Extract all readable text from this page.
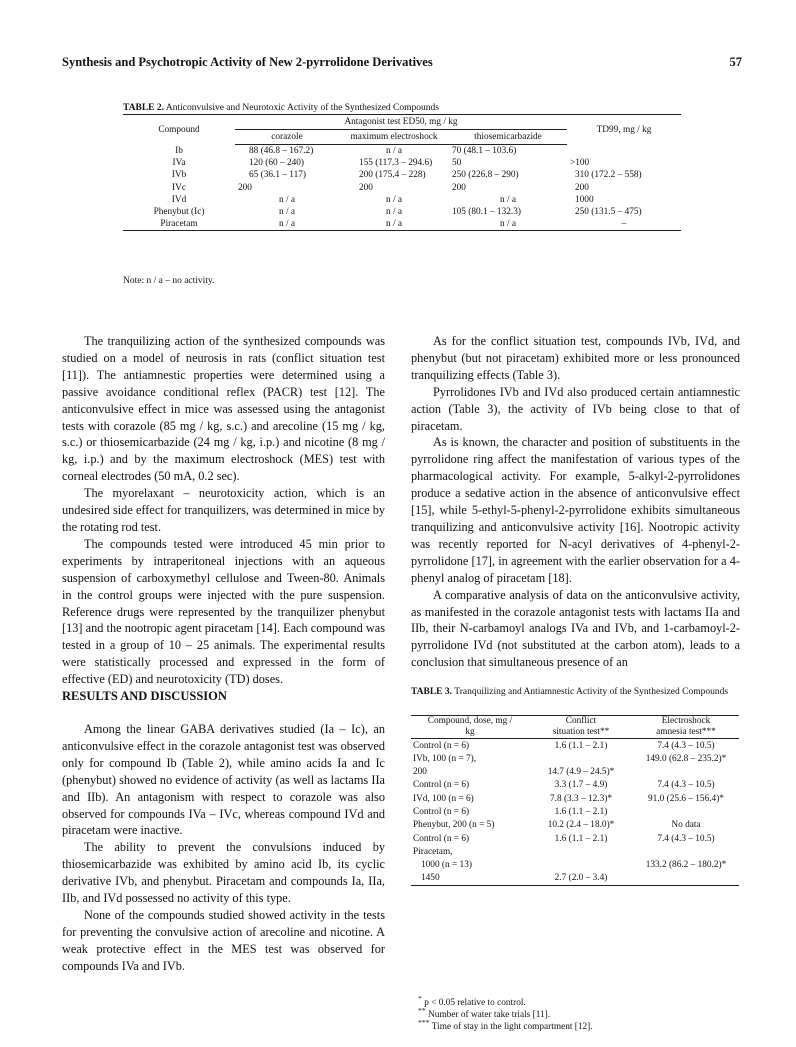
Synthesis and Psychotropic Activity of New 2-pyrrolidone Derivatives	57
TABLE 2. Anticonvulsive and Neurotoxic Activity of the Synthesized Compounds
Compound	Antagonist test ED50, mg / kg			TD99, mg / kg
	corazole	maximum electroshock	thiosemicarbazide	
Ib	88 (46.8 – 167.2)	n / a	70 (48.1 – 103.6)	
IVa	120 (60 – 240)	155 (117.3 – 294.6)	50	>100
IVb	65 (36.1 – 117)	200 (175.4 – 228)	250 (226.8 – 290)	310 (172.2 – 558)
IVc	200	200	200	200
IVd	n / a	n / a	n / a	1000
Phenybut (Ic)	n / a	n / a	105 (80.1 – 132.3)	250 (131.5 – 475)
Piracetam	n / a	n / a	n / a	–
Note: n / a – no activity.

The tranquilizing action of the synthesized compounds was studied on a model of neurosis in rats (conflict situation test [11]). The antiamnestic properties were determined using a passive avoidance conditional reflex (PACR) test [12]. The anticonvulsive effect in mice was assessed using the antagonist tests with corazole (85 mg / kg, s.c.) and arecoline (15 mg / kg, s.c.) or thiosemicarbazide (24 mg / kg, i.p.) and nicotine (8 mg / kg, i.p.) and by the maximum electroshock (MES) test with corneal electrodes (50 mA, 0.2 sec).

The myorelaxant – neurotoxicity action, which is an undesired side effect for tranquilizers, was determined in mice by the rotating rod test.

The compounds tested were introduced 45 min prior to experiments by intraperitoneal injections with an aqueous suspension of carboxymethyl cellulose and Tween-80. Animals in the control groups were injected with the pure suspension. Reference drugs were represented by the tranquilizer phenybut [13] and the nootropic agent piracetam [14]. Each compound was tested in a group of 10 – 25 animals. The experimental results were statistically processed and expressed in the form of effective (ED) and neurotoxicity (TD) doses.

RESULTS AND DISCUSSION

Among the linear GABA derivatives studied (Ia – Ic), an anticonvulsive effect in the corazole antagonist test was observed only for compound Ib (Table 2), while amino acids Ia and Ic (phenybut) showed no evidence of activity (as well as lactams IIa and IIb). An antagonism with respect to corazole was also observed for compounds IVa – IVc, whereas compound IVd and piracetam were inactive.

The ability to prevent the convulsions induced by thiosemicarbazide was exhibited by amino acid Ib, its cyclic derivative IVb, and phenybut. Piracetam and compounds Ia, IIa, IIb, and IVd possessed no activity of this type.

None of the compounds studied showed activity in the tests for preventing the convulsive action of arecoline and nicotine. A weak protective effect in the MES test was observed for compounds IVa and IVb.

As for the conflict situation test, compounds IVb, IVd, and phenybut (but not piracetam) exhibited more or less pronounced tranquilizing effects (Table 3).

Pyrrolidones IVb and IVd also produced certain antiamnestic action (Table 3), the activity of IVb being close to that of piracetam.

As is known, the character and position of substituents in the pyrrolidone ring affect the manifestation of various types of the pharmacological activity. For example, 5-alkyl-2-pyrrolidones produce a sedative action in the absence of anticonvulsive effect [15], while 5-ethyl-5-phenyl-2-pyrrolidone exhibits simultaneous tranquilizing and anticonvulsive activity [16]. Nootropic activity was recently reported for N-acyl derivatives of 4-phenyl-2-pyrrolidone [17], in agreement with the earlier observation for a 4-phenyl analog of piracetam [18].

A comparative analysis of data on the anticonvulsive activity, as manifested in the corazole antagonist tests with lactams IIa and IIb, their N-carbamoyl analogs IVa and IVb, and 1-carbamoyl-2-pyrrolidone IVd (not substituted at the carbon atom), leads to a conclusion that simultaneous presence of an

TABLE 3. Tranquilizing and Antiamnestic Activity of the Synthesized Compounds
Compound, dose, mg / kg	Conflict situation test**	Electroshock amnesia test***
Control (n = 6)	1.6 (1.1 – 2.1)	7.4 (4.3 – 10.5)
IVb, 100 (n = 7),		149.0 (62.8 – 235.2)*
200	14.7 (4.9 – 24.5)*	
Control (n = 6)	3.3 (1.7 – 4.9)	7.4 (4.3 – 10.5)
IVd, 100 (n = 6)	7.8 (3.3 – 12.3)*	91.0 (25.6 – 156.4)*
Control (n = 6)	1.6 (1.1 – 2.1)	
Phenybut, 200 (n = 5)	10.2 (2.4 – 18.0)*	No data
Control (n = 6)	1.6 (1.1 – 2.1)	7.4 (4.3 – 10.5)
Piracetam,		
1000 (n = 13)		133.2 (86.2 – 180.2)*
1450	2.7 (2.0 – 3.4)	
* p < 0.05 relative to control.
** Number of water take trials [11].
*** Time of stay in the light compartment [12].
